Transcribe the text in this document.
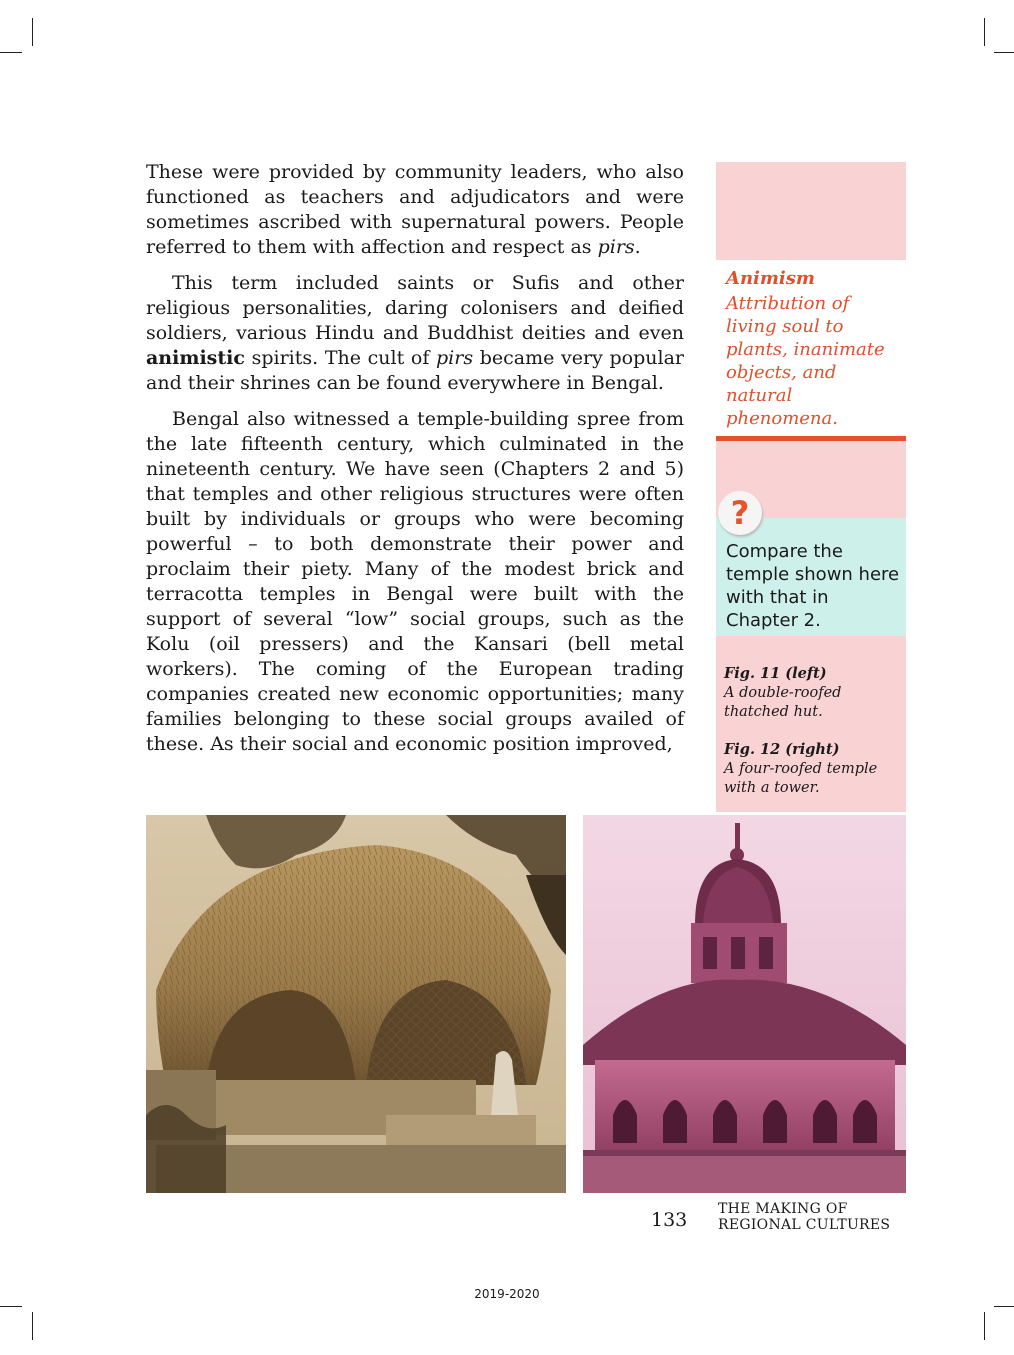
These were provided by community leaders, who also functioned as teachers and adjudicators and were sometimes ascribed with supernatural powers. People referred to them with affection and respect as pirs.

This term included saints or Sufis and other religious personalities, daring colonisers and deified soldiers, various Hindu and Buddhist deities and even animistic spirits. The cult of pirs became very popular and their shrines can be found everywhere in Bengal.

Bengal also witnessed a temple-building spree from the late fifteenth century, which culminated in the nineteenth century. We have seen (Chapters 2 and 5) that temples and other religious structures were often built by individuals or groups who were becoming powerful – to both demonstrate their power and proclaim their piety. Many of the modest brick and terracotta temples in Bengal were built with the support of several “low” social groups, such as the Kolu (oil pressers) and the Kansari (bell metal workers). The coming of the European trading companies created new economic opportunities; many families belonging to these social groups availed of these. As their social and economic position improved,

Animism
Attribution of living soul to plants, inanimate objects, and natural phenomena.
Compare the temple shown here with that in Chapter 2.
?
Fig. 11 (left)
A double-roofed thatched hut.
Fig. 12 (right)
A four-roofed temple with a tower.
133 THE MAKING OF
REGIONAL CULTURES
2019-2020
